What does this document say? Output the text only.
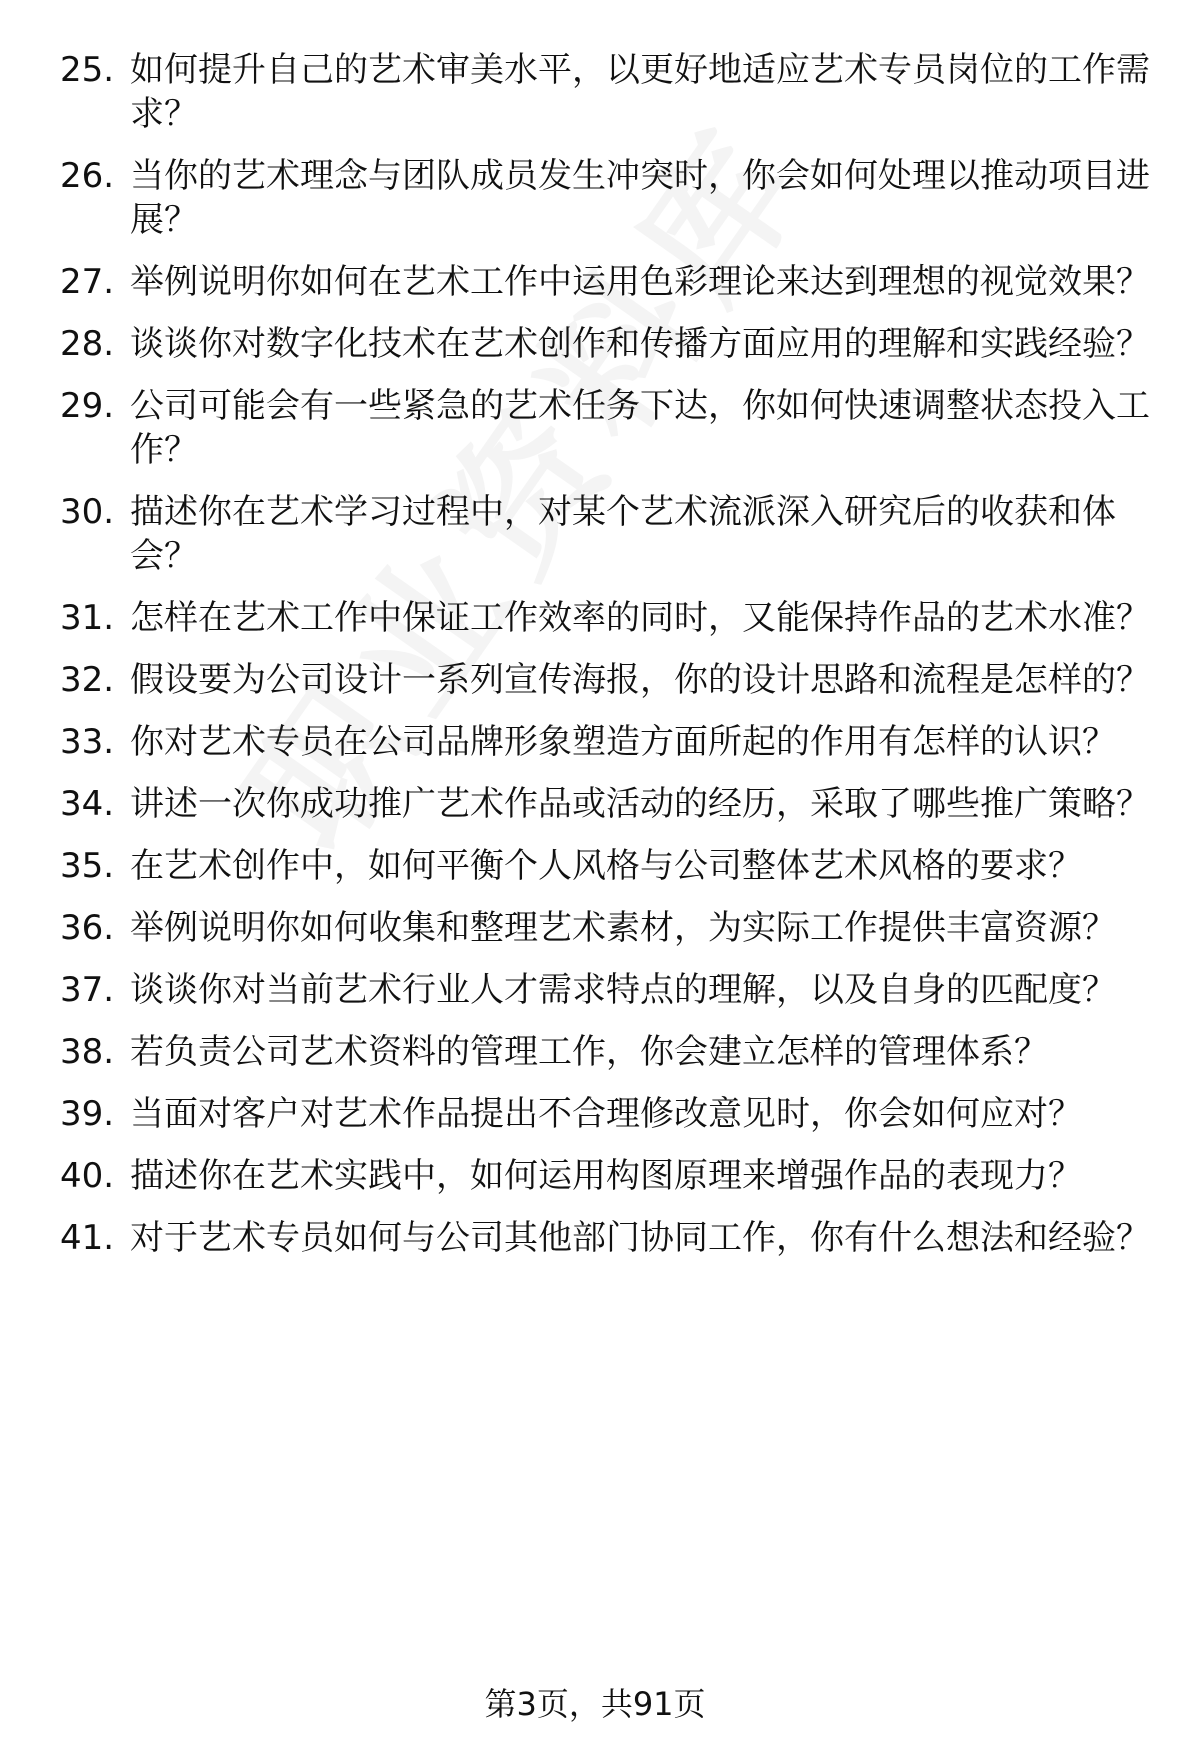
25. 如何提升自己的艺术审美水平，以更好地适应艺术专员岗位的工作需求？
26. 当你的艺术理念与团队成员发生冲突时，你会如何处理以推动项目进展？
27. 举例说明你如何在艺术工作中运用色彩理论来达到理想的视觉效果？
28. 谈谈你对数字化技术在艺术创作和传播方面应用的理解和实践经验？
29. 公司可能会有一些紧急的艺术任务下达，你如何快速调整状态投入工作？
30. 描述你在艺术学习过程中，对某个艺术流派深入研究后的收获和体会？
31. 怎样在艺术工作中保证工作效率的同时，又能保持作品的艺术水准？
32. 假设要为公司设计一系列宣传海报，你的设计思路和流程是怎样的？
33. 你对艺术专员在公司品牌形象塑造方面所起的作用有怎样的认识？
34. 讲述一次你成功推广艺术作品或活动的经历，采取了哪些推广策略？
35. 在艺术创作中，如何平衡个人风格与公司整体艺术风格的要求？
36. 举例说明你如何收集和整理艺术素材，为实际工作提供丰富资源？
37. 谈谈你对当前艺术行业人才需求特点的理解，以及自身的匹配度？
38. 若负责公司艺术资料的管理工作，你会建立怎样的管理体系？
39. 当面对客户对艺术作品提出不合理修改意见时，你会如何应对？
40. 描述你在艺术实践中，如何运用构图原理来增强作品的表现力？
41. 对于艺术专员如何与公司其他部门协同工作，你有什么想法和经验？
第3页，共91页
